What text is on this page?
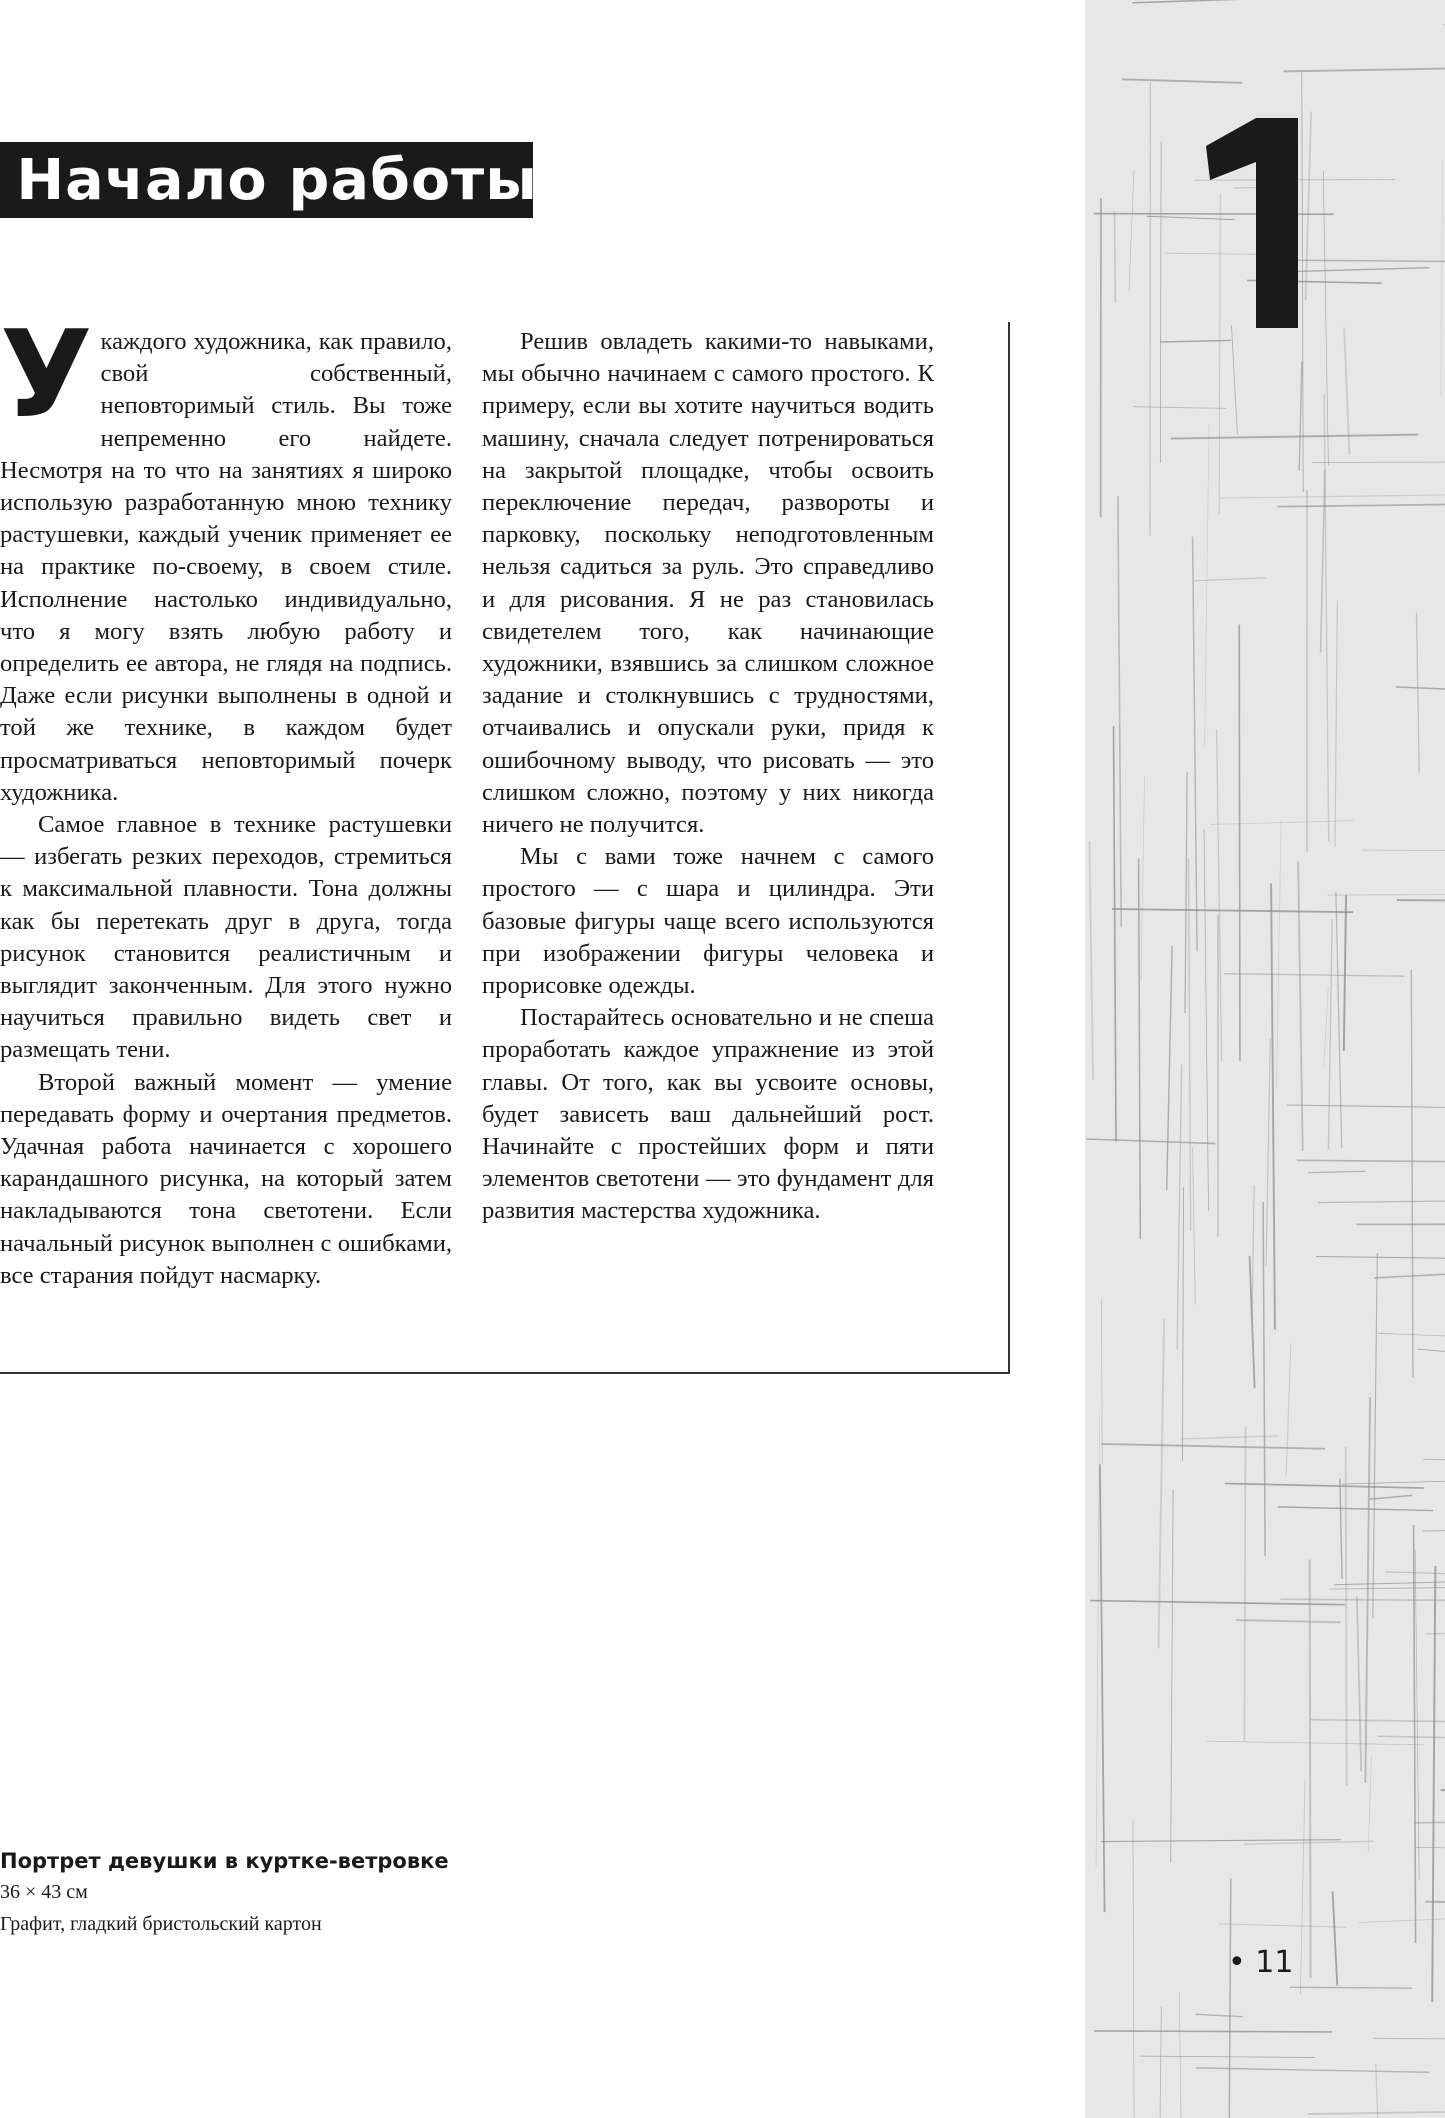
Начало работы

Укаждого художника, как правило, свой собственный, неповторимый стиль. Вы тоже непременно его найдете. Несмотря на то что на занятиях я широко использую разработанную мною технику растушевки, каждый ученик применяет ее на практике по-своему, в своем стиле. Исполнение настолько индивидуально, что я могу взять любую работу и определить ее автора, не глядя на подпись. Даже если рисунки выполнены в одной и той же технике, в каждом будет просматриваться неповторимый почерк художника.

Самое главное в технике растушевки — избегать резких переходов, стремиться к максимальной плавности. Тона должны как бы перетекать друг в друга, тогда рисунок становится реалистичным и выглядит законченным. Для этого нужно научиться правильно видеть свет и размещать тени.

Второй важный момент — умение передавать форму и очертания предметов. Удачная работа начинается с хорошего карандашного рисунка, на который затем накладываются тона светотени. Если начальный рисунок выполнен с ошибками, все старания пойдут насмарку.

Решив овладеть какими-то навыками, мы обычно начинаем с самого простого. К примеру, если вы хотите научиться водить машину, сначала следует потренироваться на закрытой площадке, чтобы освоить переключение передач, развороты и парковку, поскольку неподготовленным нельзя садиться за руль. Это справедливо и для рисования. Я не раз становилась свидетелем того, как начинающие художники, взявшись за слишком сложное задание и столкнувшись с трудностями, отчаивались и опускали руки, придя к ошибочному выводу, что рисовать — это слишком сложно, поэтому у них никогда ничего не получится.

Мы с вами тоже начнем с самого простого — с шара и цилиндра. Эти базовые фигуры чаще всего используются при изображении фигуры человека и прорисовке одежды.

Постарайтесь основательно и не спеша проработать каждое упражнение из этой главы. От того, как вы усвоите основы, будет зависеть ваш дальнейший рост. Начинайте с простейших форм и пяти элементов светотени — это фундамент для развития мастерства художника.

Портрет девушки в куртке-ветровке
36 × 43 см
Графит, гладкий бристольский картон
• 11
